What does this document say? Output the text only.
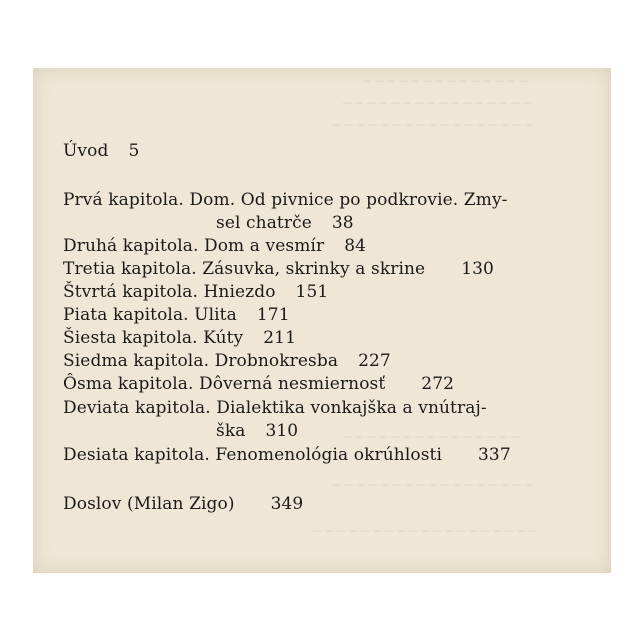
– – – – – – – – – – – – – –
– – – – – – – – – – – – – – – –
– – – – – – – – – – – – – – – – –
– – – – – – – – – – – – – – –
– – – – – – – – – – – – – – – – –
– – – – – – – – – – – – – – – – – – –
Úvod 5
Prvá kapitola. Dom. Od pivnice po podkrovie. Zmy-
sel chatrče 38
Druhá kapitola. Dom a vesmír 84
Tretia kapitola. Zásuvka, skrinky a skrine 130
Štvrtá kapitola. Hniezdo 151
Piata kapitola. Ulita 171
Šiesta kapitola. Kúty 211
Siedma kapitola. Drobnokresba 227
Ôsma kapitola. Dôverná nesmiernosť 272
Deviata kapitola. Dialektika vonkajška a vnútraj-
ška 310
Desiata kapitola. Fenomenológia okrúhlosti 337
Doslov (Milan Zigo) 349
